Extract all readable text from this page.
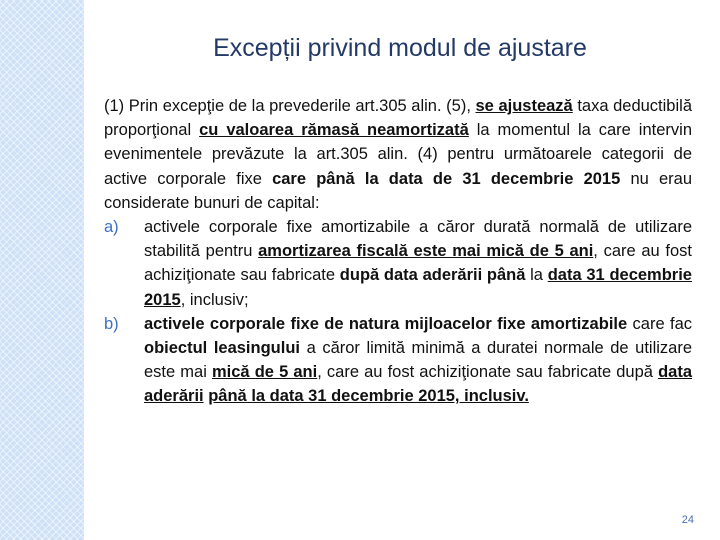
Excepții privind modul de ajustare

(1) Prin excepţie de la prevederile art.305 alin. (5), se ajustează taxa deductibilă proporţional cu valoarea rămasă neamortizată la momentul la care intervin evenimentele prevăzute la art.305 alin. (4) pentru următoarele categorii de active corporale fixe care până la data de 31 decembrie 2015 nu erau considerate bunuri de capital:

a) activele corporale fixe amortizabile a căror durată normală de utilizare stabilită pentru amortizarea fiscală este mai mică de 5 ani, care au fost achiziţionate sau fabricate după data aderării până la data 31 decembrie 2015, inclusiv;
b) activele corporale fixe de natura mijloacelor fixe amortizabile care fac obiectul leasingului a căror limită minimă a duratei normale de utilizare este mai mică de 5 ani, care au fost achiziţionate sau fabricate după data aderării până la data 31 decembrie 2015, inclusiv.
24
